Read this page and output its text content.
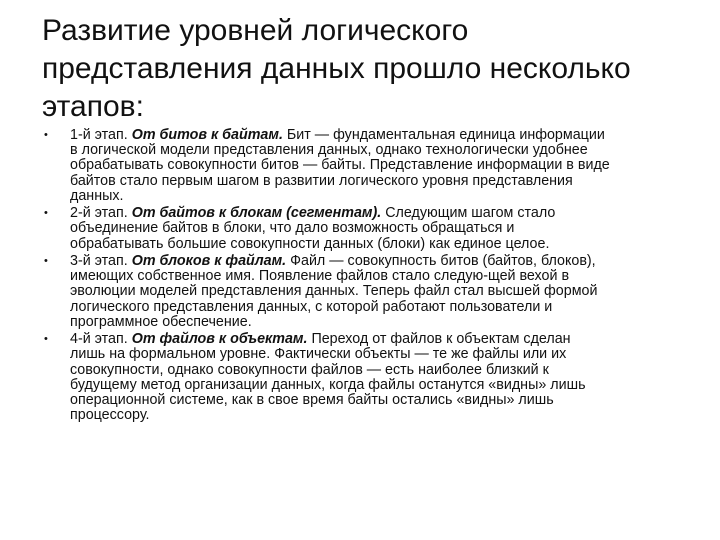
Развитие уровней логического
представления данных прошло несколько
этапов:
•	1-й этап. От битов к байтам. Бит — фундаментальная единица информации
в логической модели представления данных, однако технологически удобнее
обрабатывать совокупности битов — байты. Представление информации в виде
байтов стало первым шагом в развитии логического уровня представления
данных.
•	2-й этап. От байтов к блокам (сегментам). Следующим шагом стало
объединение байтов в блоки, что дало возможность обращаться и
обрабатывать большие совокупности данных (блоки) как единое целое.
•	3-й этап. От блоков к файлам. Файл — совокупность битов (байтов, блоков),
имеющих собственное имя. Появление файлов стало следую-щей вехой в
эволюции моделей представления данных. Теперь файл стал высшей формой
логического представления данных, с которой работают пользователи и
программное обеспечение.
•	4-й этап. От файлов к объектам. Переход от файлов к объектам сделан
лишь на формальном уровне. Фактически объекты — те же файлы или их
совокупности, однако совокупности файлов — есть наиболее близкий к
будущему метод организации данных, когда файлы останутся «видны» лишь
операционной системе, как в свое время байты остались «видны» лишь
процессору.
